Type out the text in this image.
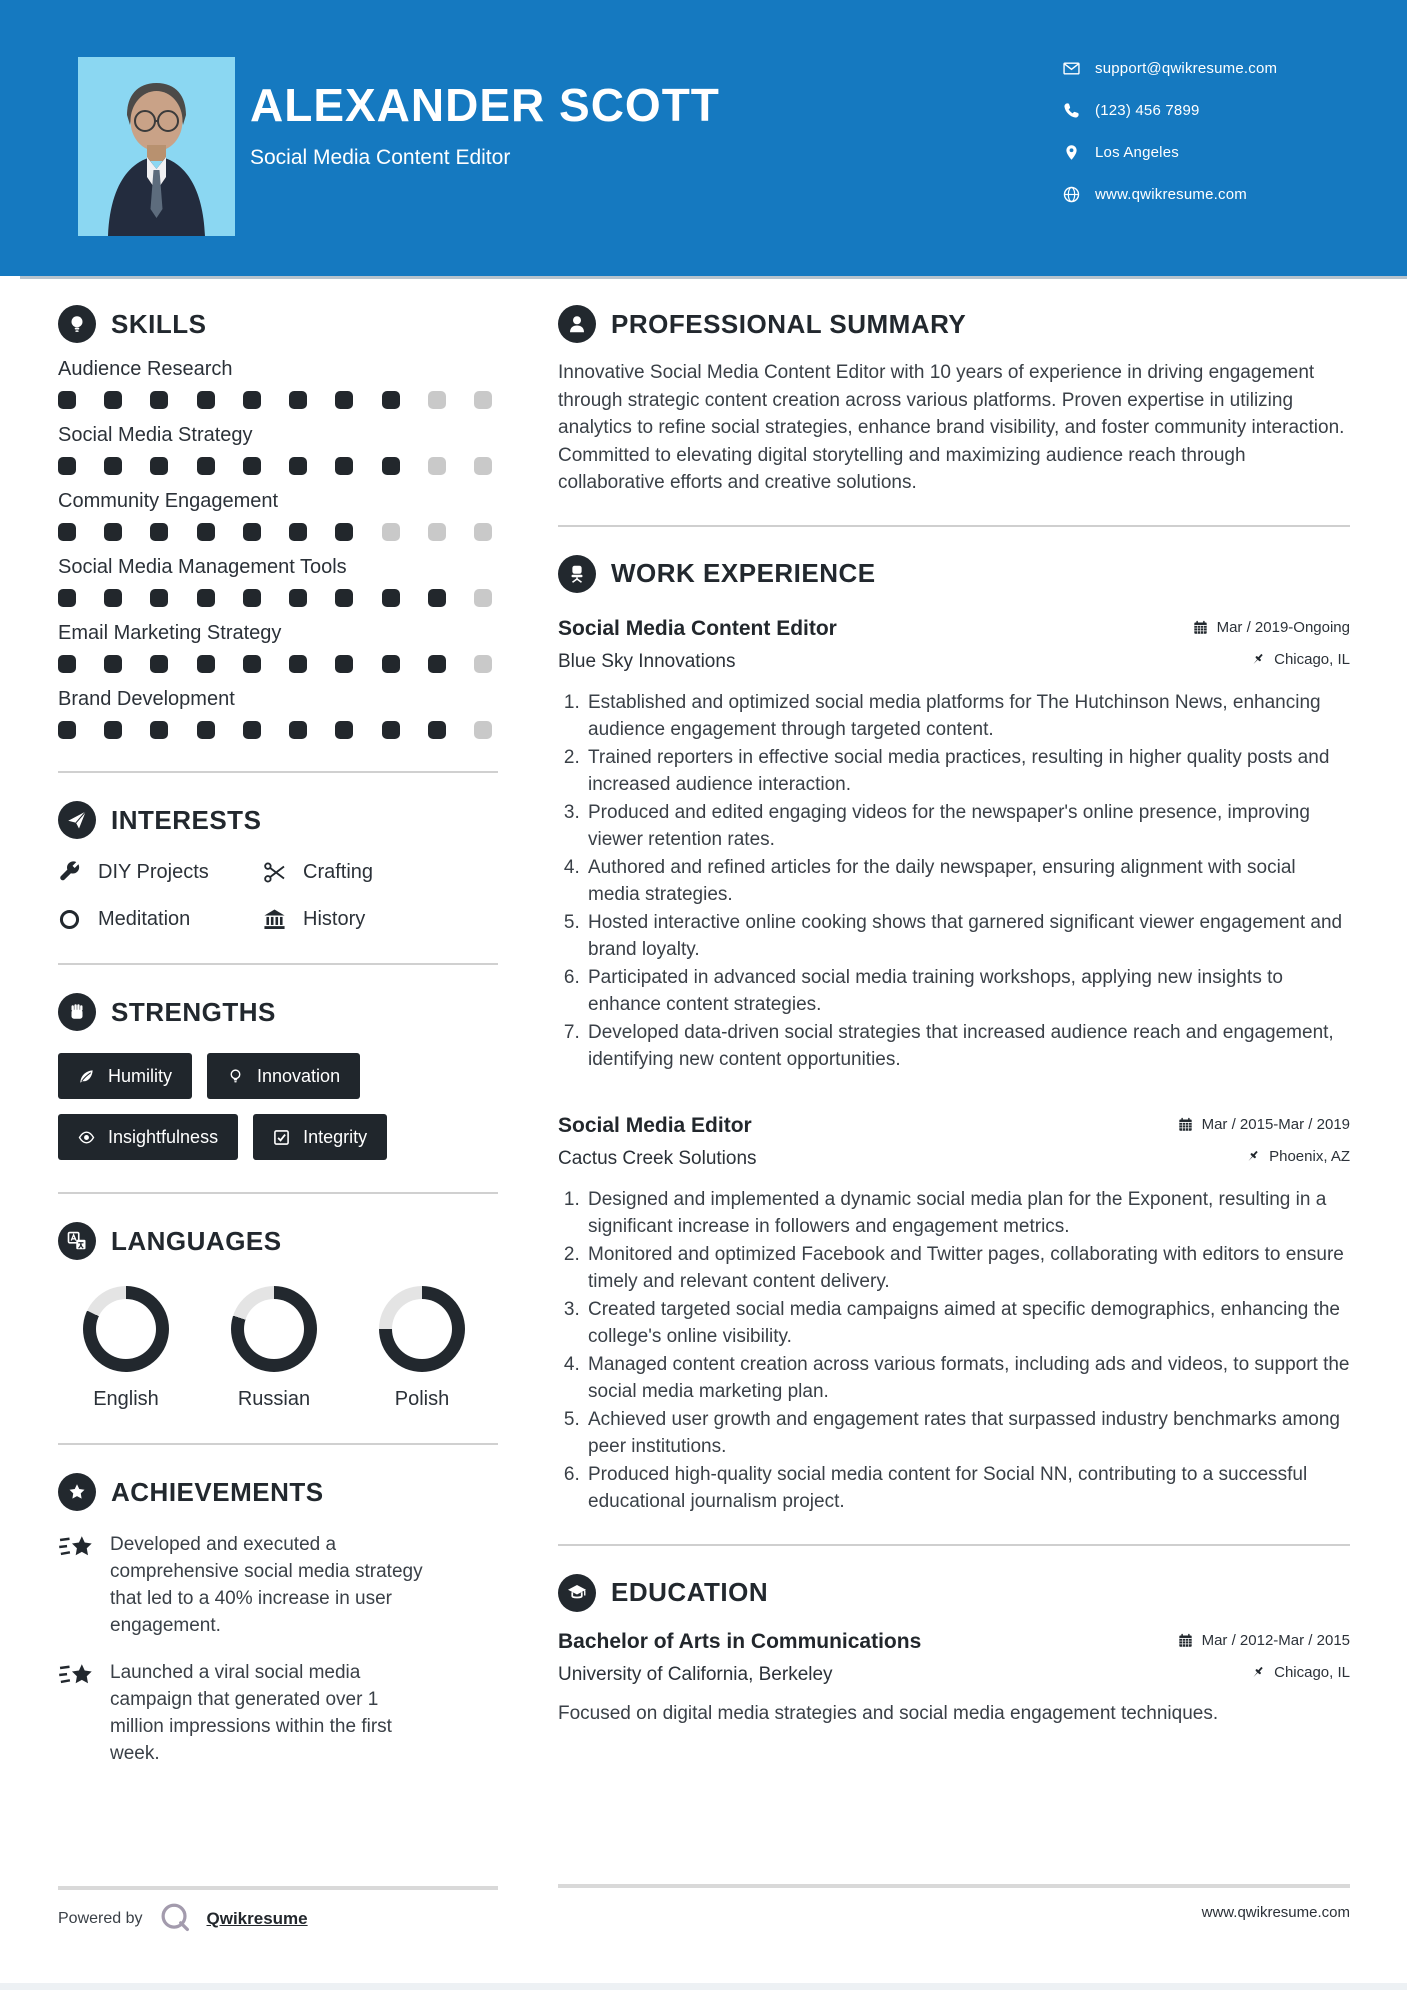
ALEXANDER SCOTT
Social Media Content Editor
support@qwikresume.com
(123) 456 7899
Los Angeles
www.qwikresume.com
SKILLS
Audience Research
Social Media Strategy
Community Engagement
Social Media Management Tools
Email Marketing Strategy
Brand Development
INTERESTS
DIY Projects	Crafting
Meditation	History
STRENGTHS
Humility	Innovation
Insightfulness	Integrity
LANGUAGES
English	Russian	Polish
ACHIEVEMENTS
Developed and executed a comprehensive social media strategy that led to a 40% increase in user engagement.
Launched a viral social media campaign that generated over 1 million impressions within the first week.
PROFESSIONAL SUMMARY
Innovative Social Media Content Editor with 10 years of experience in driving engagement through strategic content creation across various platforms. Proven expertise in utilizing analytics to refine social strategies, enhance brand visibility, and foster community interaction. Committed to elevating digital storytelling and maximizing audience reach through collaborative efforts and creative solutions.
WORK EXPERIENCE
Social Media Content Editor	Mar / 2019-Ongoing
Blue Sky Innovations	Chicago, IL
1. Established and optimized social media platforms for The Hutchinson News, enhancing audience engagement through targeted content.
2. Trained reporters in effective social media practices, resulting in higher quality posts and increased audience interaction.
3. Produced and edited engaging videos for the newspaper's online presence, improving viewer retention rates.
4. Authored and refined articles for the daily newspaper, ensuring alignment with social media strategies.
5. Hosted interactive online cooking shows that garnered significant viewer engagement and brand loyalty.
6. Participated in advanced social media training workshops, applying new insights to enhance content strategies.
7. Developed data-driven social strategies that increased audience reach and engagement, identifying new content opportunities.
Social Media Editor	Mar / 2015-Mar / 2019
Cactus Creek Solutions	Phoenix, AZ
1. Designed and implemented a dynamic social media plan for the Exponent, resulting in a significant increase in followers and engagement metrics.
2. Monitored and optimized Facebook and Twitter pages, collaborating with editors to ensure timely and relevant content delivery.
3. Created targeted social media campaigns aimed at specific demographics, enhancing the college's online visibility.
4. Managed content creation across various formats, including ads and videos, to support the social media marketing plan.
5. Achieved user growth and engagement rates that surpassed industry benchmarks among peer institutions.
6. Produced high-quality social media content for Social NN, contributing to a successful educational journalism project.
EDUCATION
Bachelor of Arts in Communications	Mar / 2012-Mar / 2015
University of California, Berkeley	Chicago, IL
Focused on digital media strategies and social media engagement techniques.
Powered by	Qwikresume	www.qwikresume.com
